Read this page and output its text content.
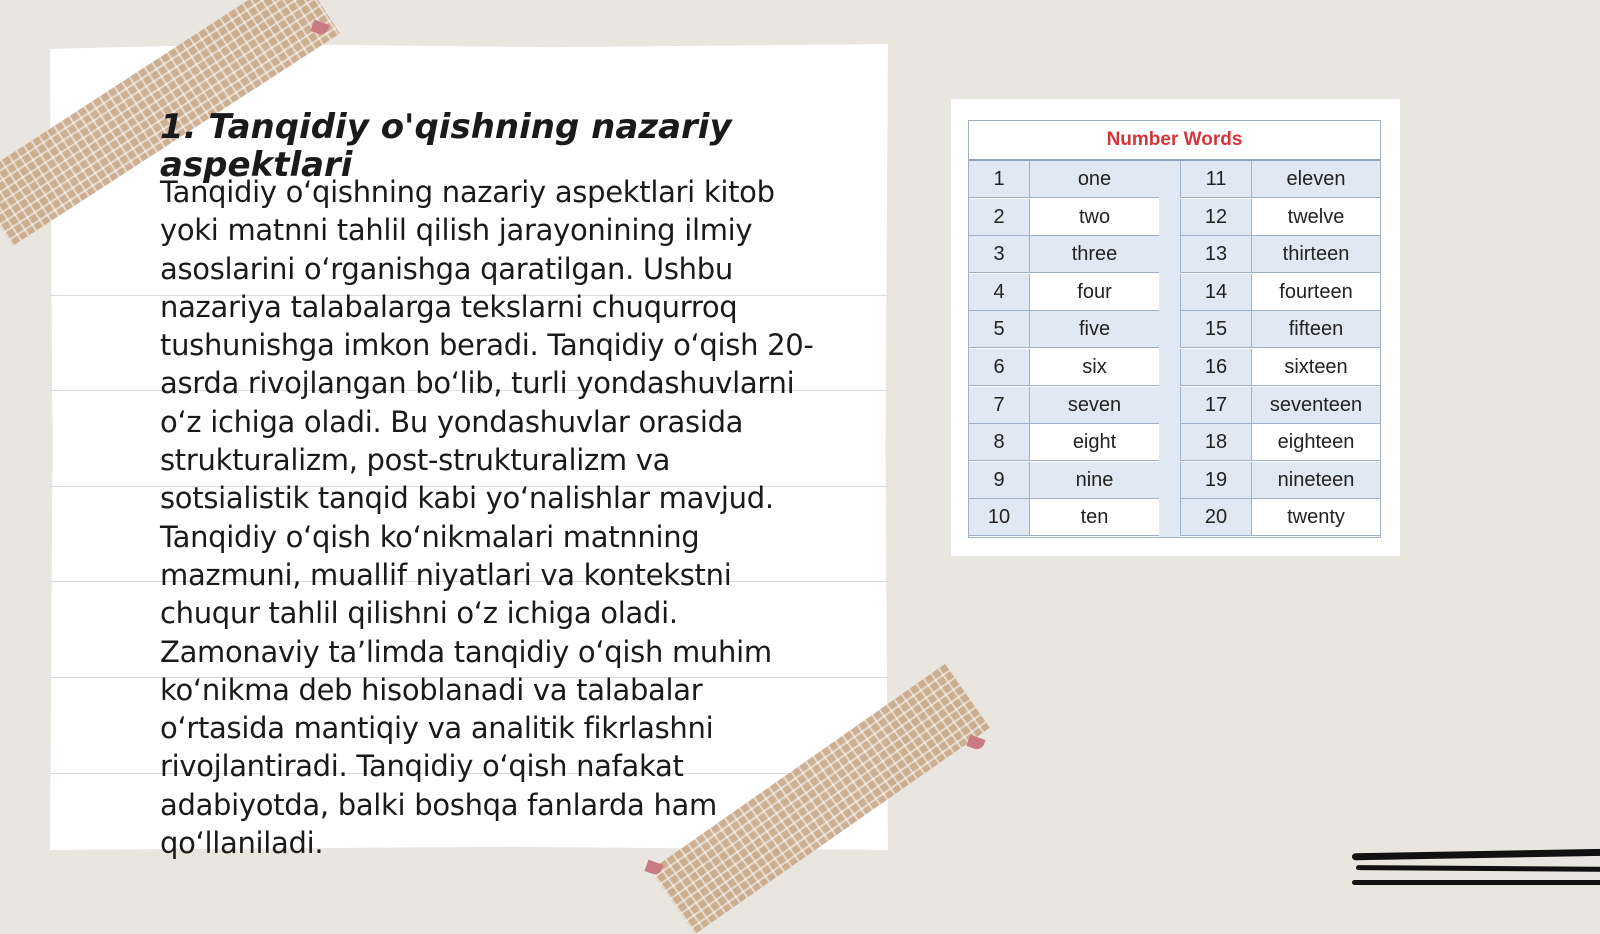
1. Tanqidiy o'qishning nazariy aspektlari

Tanqidiy oʻqishning nazariy aspektlari kitob yoki matnni tahlil qilish jarayonining ilmiy asoslarini oʻrganishga qaratilgan. Ushbu nazariya talabalarga tekslarni chuqurroq tushunishga imkon beradi. Tanqidiy oʻqish 20-asrda rivojlangan boʻlib, turli yondashuvlarni oʻz ichiga oladi. Bu yondashuvlar orasida strukturalizm, post-strukturalizm va sotsialistik tanqid kabi yoʻnalishlar mavjud. Tanqidiy oʻqish koʻnikmalari matnning mazmuni, muallif niyatlari va kontekstni chuqur tahlil qilishni oʻz ichiga oladi. Zamonaviy taʼlimda tanqidiy oʻqish muhim koʻnikma deb hisoblanadi va talabalar oʻrtasida mantiqiy va analitik fikrlashni rivojlantiradi. Tanqidiy oʻqish nafakat adabiyotda, balki boshqa fanlarda ham qoʻllaniladi.

Number Words
1	one	11	eleven
2	two	12	twelve
3	three	13	thirteen
4	four	14	fourteen
5	five	15	fifteen
6	six	16	sixteen
7	seven	17	seventeen
8	eight	18	eighteen
9	nine	19	nineteen
10	ten	20	twenty
